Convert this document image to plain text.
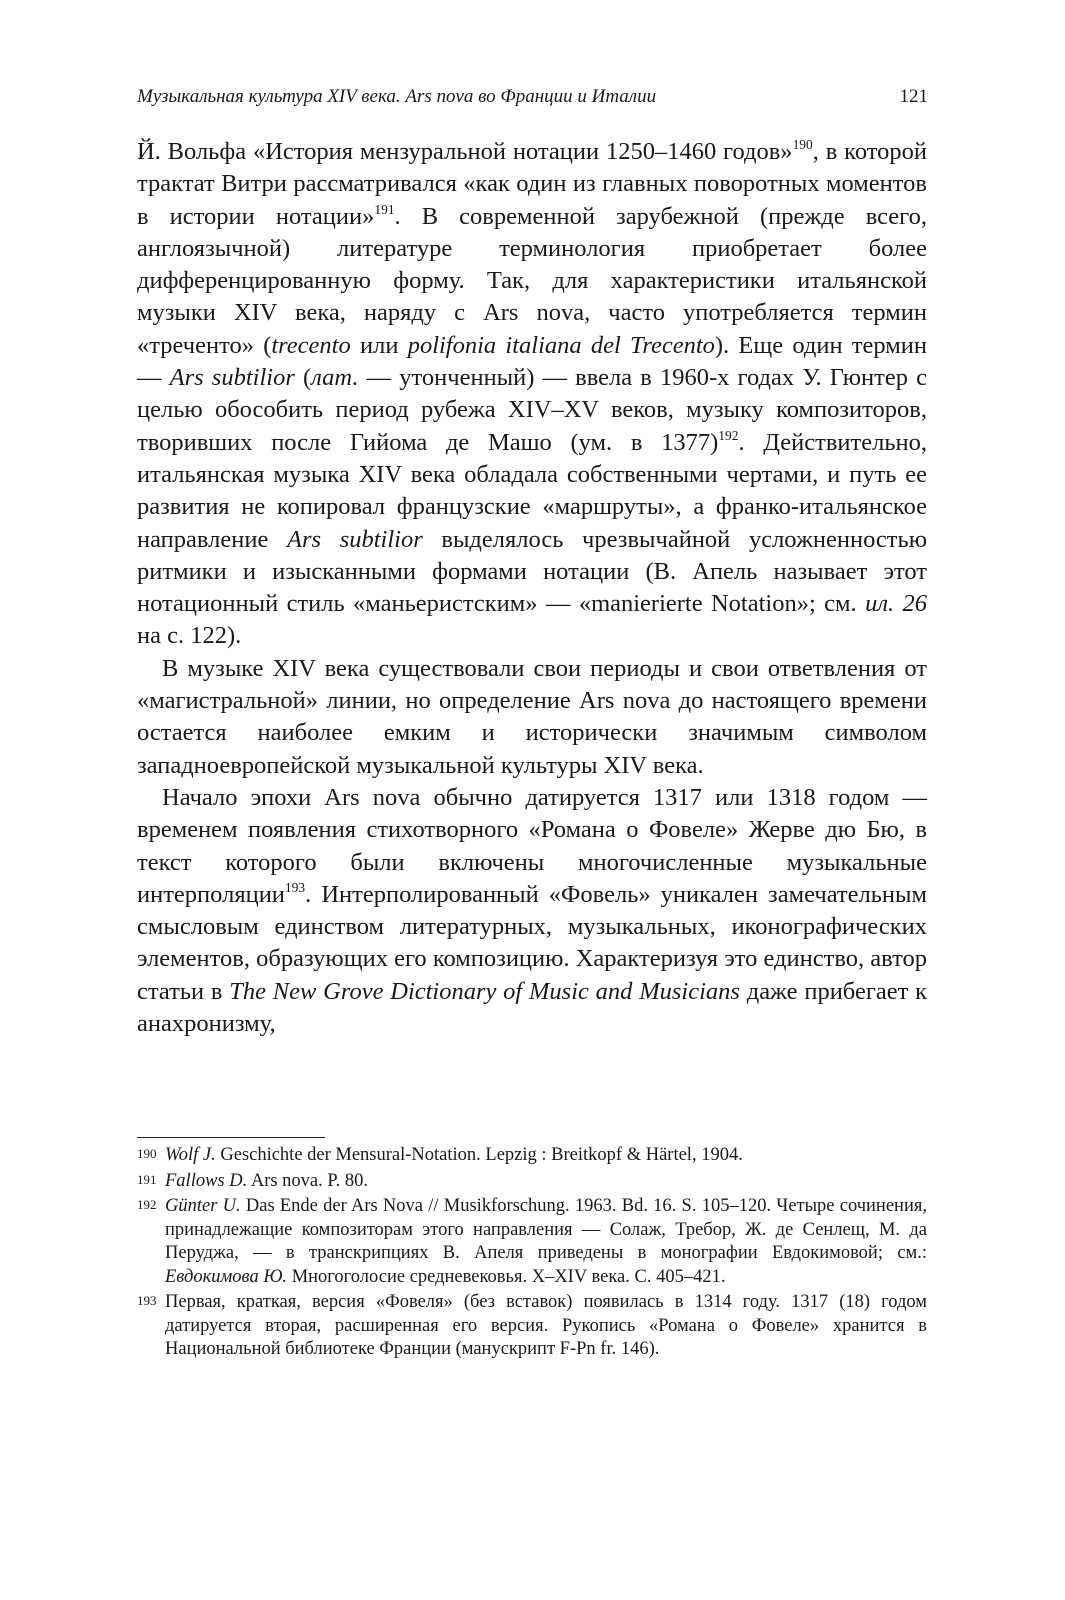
Музыкальная культура XIV века. Ars nova во Франции и Италии	121

Й. Вольфа «История мензуральной нотации 1250–1460 годов»$^{190}$, в которой трактат Витри рассматривался «как один из главных поворотных моментов в истории нотации»$^{191}$. В современной зарубежной (прежде всего, англоязычной) литературе терминология приобретает более дифференцированную форму. Так, для характеристики итальянской музыки XIV века, наряду с Ars nova, часто употребляется термин «треченто» (trecento или polifonia italiana del Trecento). Еще один термин — Ars subtilior (лат. — утонченный) — ввела в 1960-х годах У. Гюнтер с целью обособить период рубежа XIV–XV веков, музыку композиторов, творивших после Гийома де Машо (ум. в 1377)$^{192}$. Действительно, итальянская музыка XIV века обладала собственными чертами, и путь ее развития не копировал французские «маршруты», а франко-итальянское направление Ars subtilior выделялось чрезвычайной усложненностью ритмики и изысканными формами нотации (В. Апель называет этот нотационный стиль «маньеристским» — «manierierte Notation»; см. ил. 26 на с. 122).

В музыке XIV века существовали свои периоды и свои ответвления от «магистральной» линии, но определение Ars nova до настоящего времени остается наиболее емким и исторически значимым символом западноевропейской музыкальной культуры XIV века.

Начало эпохи Ars nova обычно датируется 1317 или 1318 годом — временем появления стихотворного «Романа о Фовеле» Жерве дю Бю, в текст которого были включены многочисленные музыкальные интерполяции$^{193}$. Интерполированный «Фовель» уникален замечательным смысловым единством литературных, музыкальных, иконографических элементов, образующих его композицию. Характеризуя это единство, автор статьи в The New Grove Dictionary of Music and Musicians даже прибегает к анахронизму,

190 Wolf J. Geschichte der Mensural-Notation. Lepzig : Breitkopf & Härtel, 1904.
191 Fallows D. Ars nova. P. 80.
192 Günter U. Das Ende der Ars Nova // Musikforschung. 1963. Bd. 16. S. 105–120. Четыре сочинения, принадлежащие композиторам этого направления — Солаж, Требор, Ж. де Сенлещ, М. да Перуджа, — в транскрипциях В. Апеля приведены в монографии Евдокимовой; см.: Евдокимова Ю. Многоголосие средневековья. X–XIV века. С. 405–421.
193 Первая, краткая, версия «Фовеля» (без вставок) появилась в 1314 году. 1317 (18) годом датируется вторая, расширенная его версия. Рукопись «Романа о Фовеле» хранится в Национальной библиотеке Франции (манускрипт F-Pn fr. 146).
